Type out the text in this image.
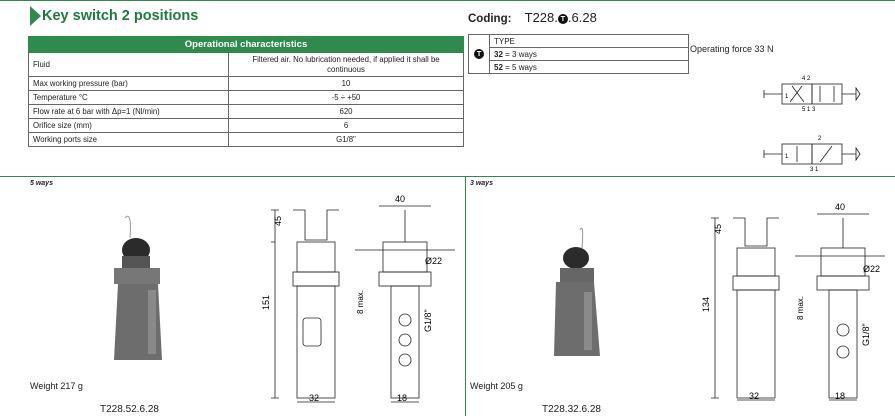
Key switch 2 positions
Operational characteristics	
Fluid	Filtered air. No lubrication needed, if applied it shall be continuous
Max working pressure (bar)	10
Temperature °C	-5 ÷ +50
Flow rate at 6 bar with Δp=1 (Nl/min)	620
Orifice size (mm)	6
Working ports size	G1/8"
Coding: T228. T .6.28
T	TYPE
32 = 3 ways
52 = 5 ways
Operating force 33 N
4 2
5 1 3
1
2
3 1
1
5 ways
Weight 217 g
T228.52.6.28
45
151
40
8 max.
Ø22
G1/8"
32	18
3 ways
Weight 205 g
T228.32.6.28
45
134
40
8 max.
Ø22
G1/8"
32	18
